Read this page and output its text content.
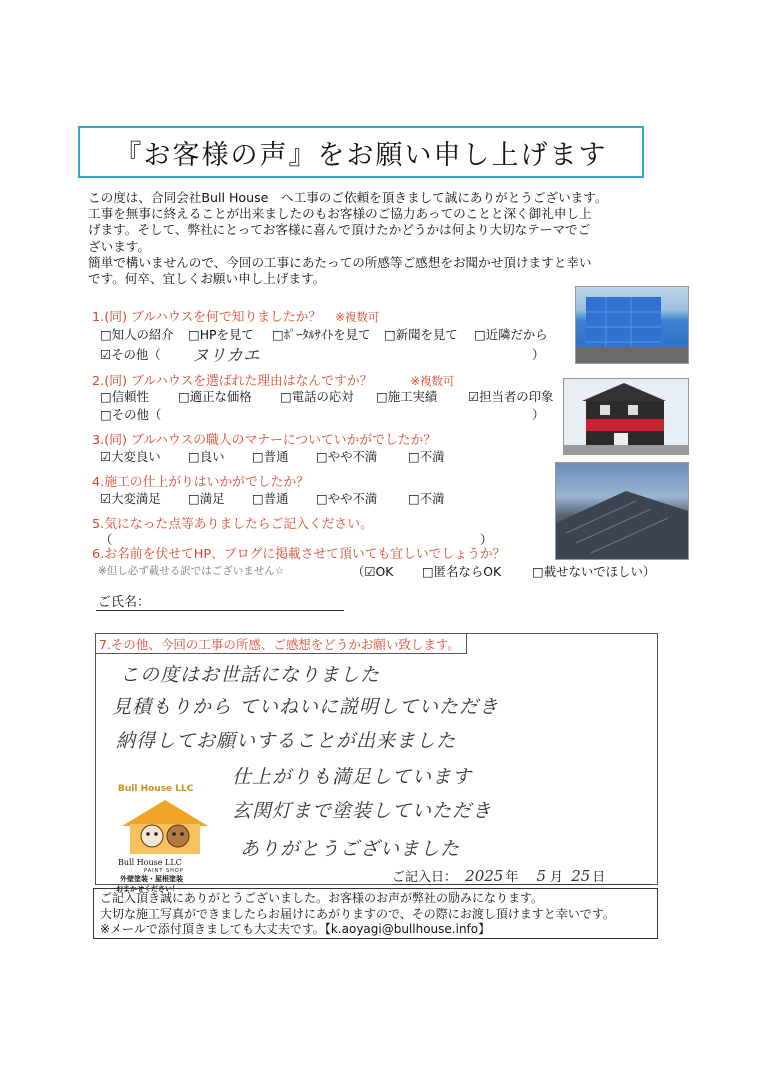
『お客様の声』をお願い申し上げます

この度は、合同会社Bull House　へ工事のご依頼を頂きまして誠にありがとうございます。

工事を無事に終えることが出来ましたのもお客様のご協力あってのことと深く御礼申し上

げます。そして、弊社にとってお客様に喜んで頂けたかどうかは何より大切なテーマでご

ざいます。

簡単で構いませんので、今回の工事にあたっての所感等ご感想をお聞かせ頂けますと幸い

です。何卒、宜しくお願い申し上げます。

1.(同) ブルハウスを何で知りましたか？ ※複数可
□知人の紹介 □HPを見て □ﾎﾟｰﾀﾙｻｲﾄを見て □新聞を見て □近隣だから
☑その他（ ヌリカエ	）
2.(同) ブルハウスを選ばれた理由はなんですか？	※複数可
□信頼性 □適正な価格 □電話の応対 □施工実績 ☑担当者の印象
□その他（	）
3.(同) ブルハウスの職人のマナーについていかがでしたか？
☑大変良い □良い □普通 □やや不満 □不満
4.施工の仕上がりはいかがでしたか？
☑大変満足 □満足 □普通 □やや不満 □不満
5.気になった点等ありましたらご記入ください。
（	）
6.お名前を伏せてHP、ブログに掲載させて頂いても宜しいでしょうか？
※但し必ず載せる訳ではございません☆	（☑OK □匿名ならOK □載せないでほしい）
ご氏名：
7.その他、今回の工事の所感、ご感想をどうかお願い致します。
この度はお世話になりました
見積もりから ていねいに説明していただき
納得してお願いすることが出来ました
仕上がりも満足しています
玄関灯まで塗装していただき
ありがとうございました
Bull House LLC
Bull House LLC
PAINT SHOP
外壁塗装・屋根塗装
おまかせください！
ご記入日： 2025 年 5 月 25 日
ご記入頂き誠にありがとうございました。お客様のお声が弊社の励みになります。
大切な施工写真ができましたらお届けにあがりますので、その際にお渡し頂けますと幸いです。
※メールで添付頂きましても大丈夫です。【k.aoyagi@bullhouse.info】
